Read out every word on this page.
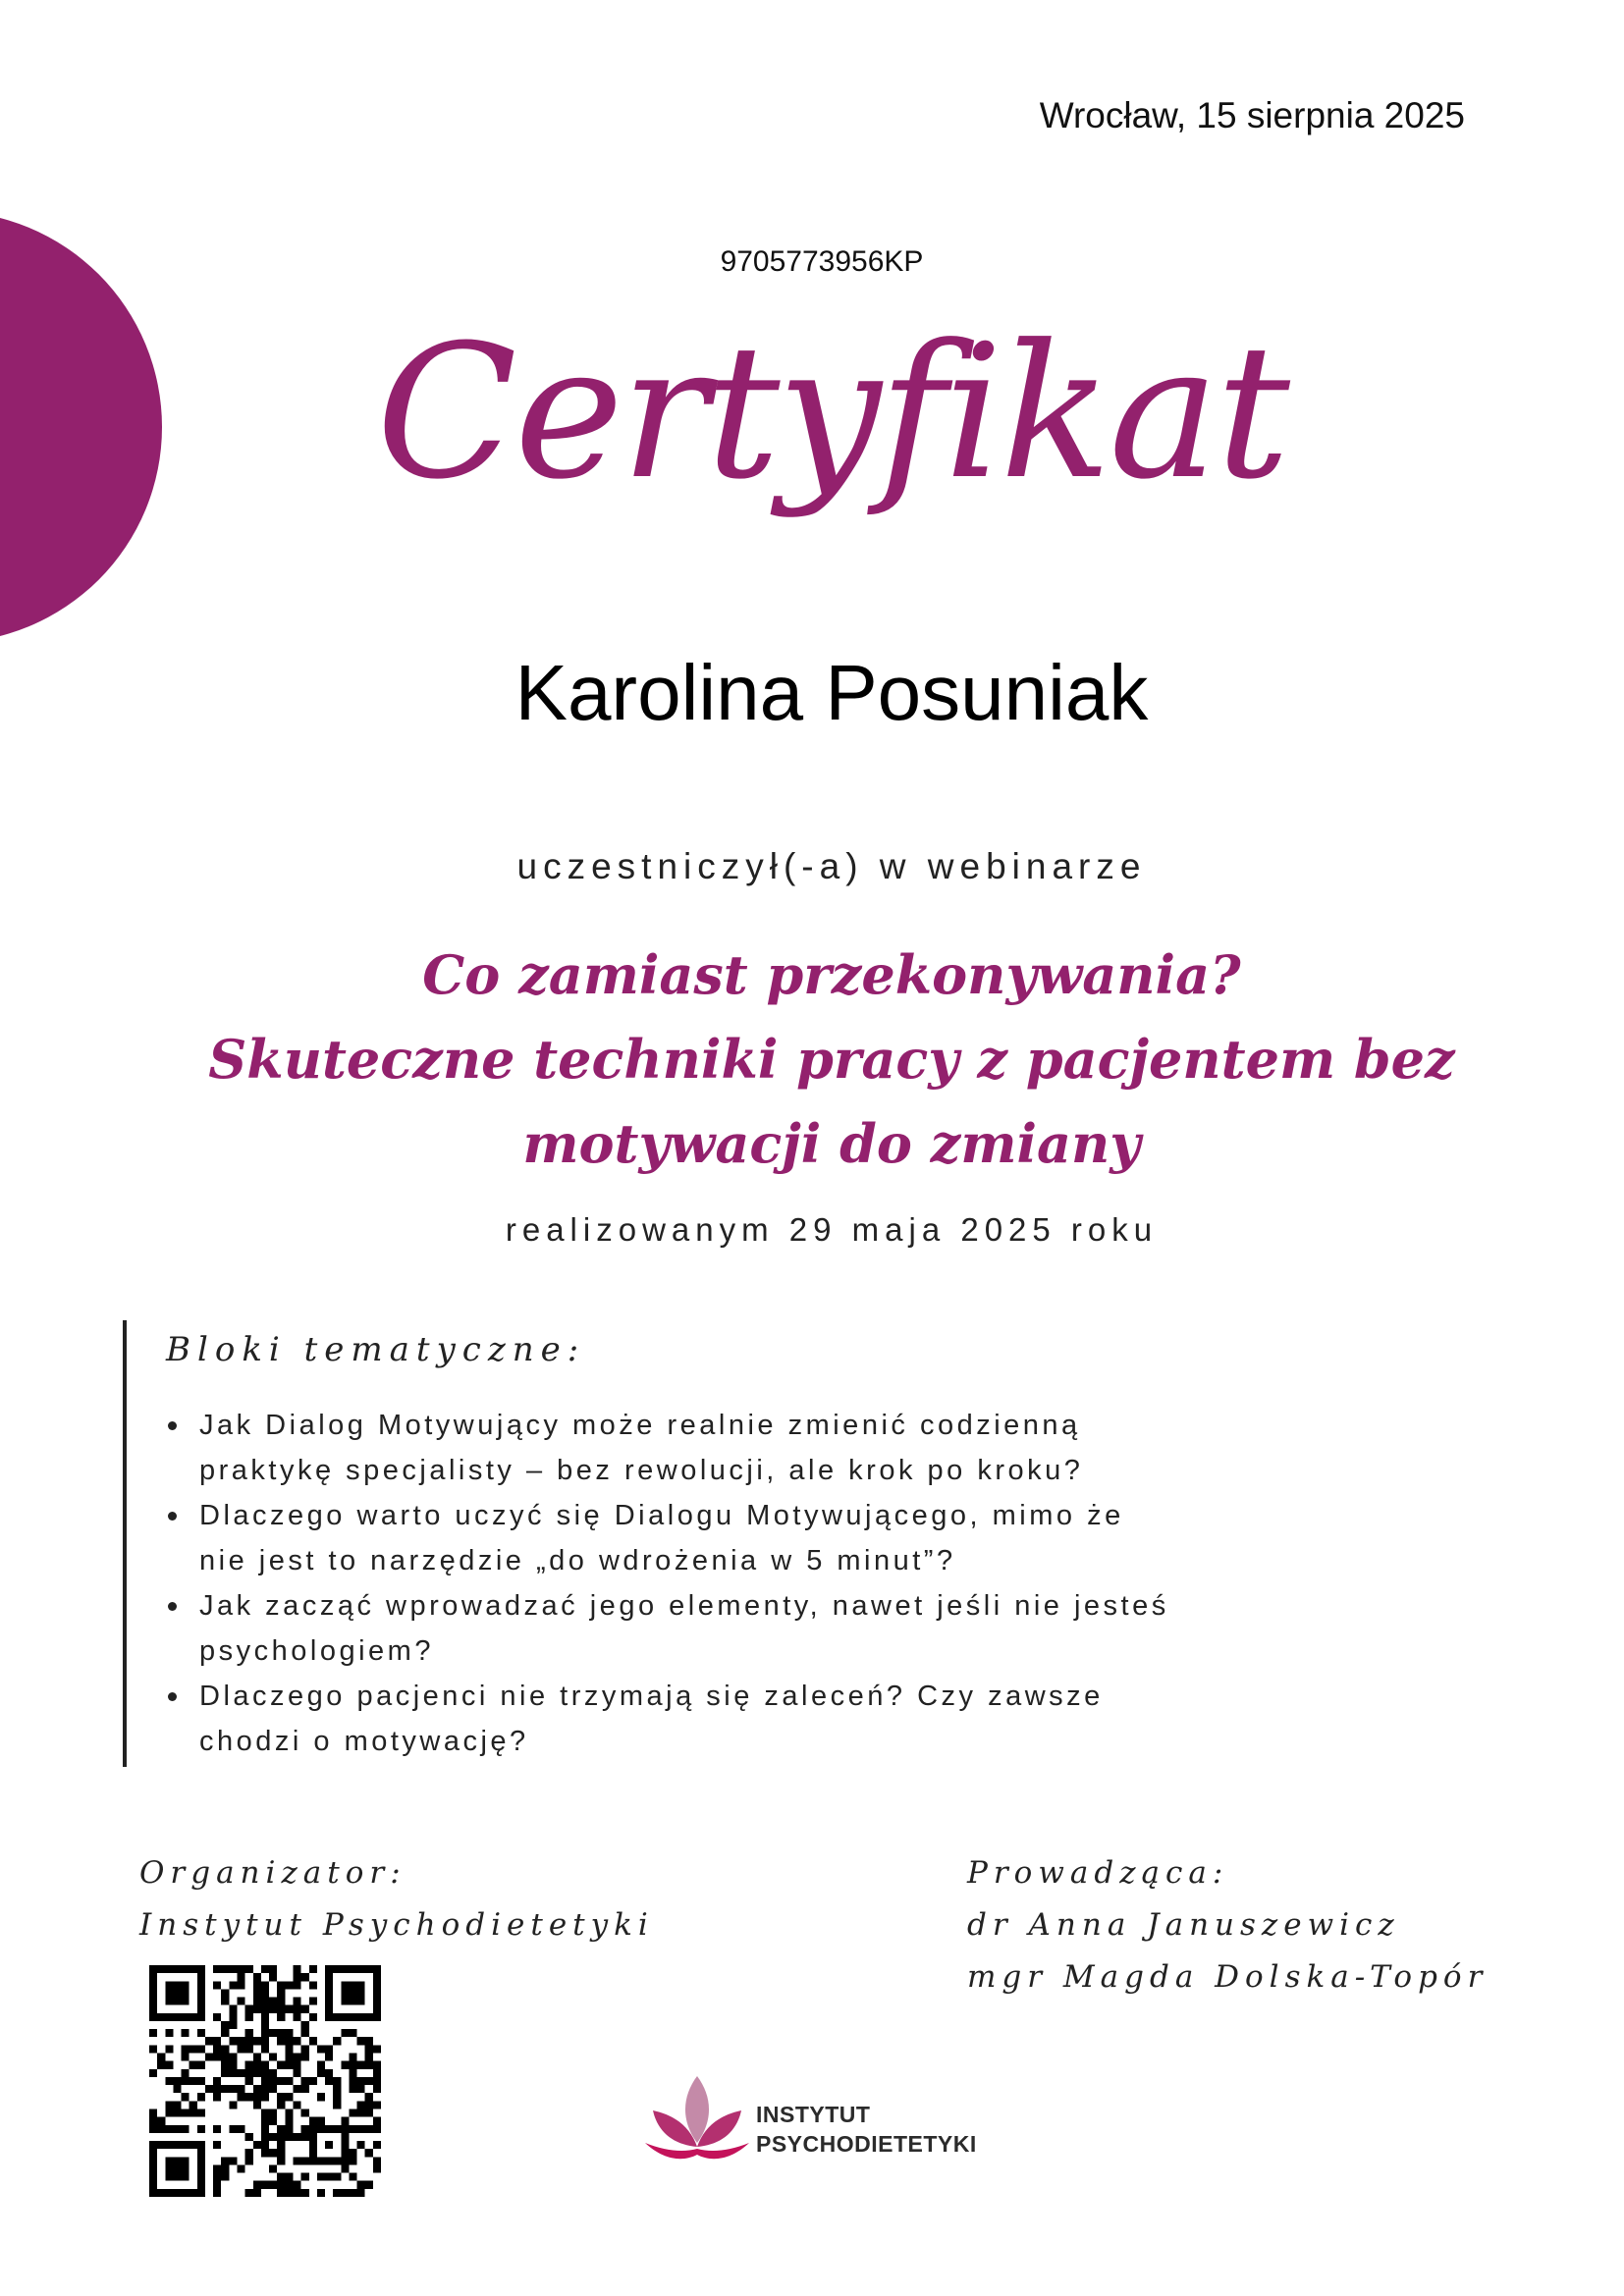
Wrocław, 15 sierpnia 2025
9705773956KP
Certyfikat
Karolina Posuniak
uczestniczył(-a) w webinarze
Co zamiast przekonywania?
Skuteczne techniki pracy z pacjentem bez
motywacji do zmiany
realizowanym 29 maja 2025 roku
Bloki tematyczne:
Jak Dialog Motywujący może realnie zmienić codzienną
praktykę specjalisty – bez rewolucji, ale krok po kroku?
Dlaczego warto uczyć się Dialogu Motywującego, mimo że
nie jest to narzędzie „do wdrożenia w 5 minut”?
Jak zacząć wprowadzać jego elementy, nawet jeśli nie jesteś
psychologiem?
Dlaczego pacjenci nie trzymają się zaleceń? Czy zawsze
chodzi o motywację?
Organizator:
Instytut Psychodietetyki
Prowadząca:
dr Anna Januszewicz
mgr Magda Dolska-Topór
INSTYTUT
PSYCHODIETETYKI
